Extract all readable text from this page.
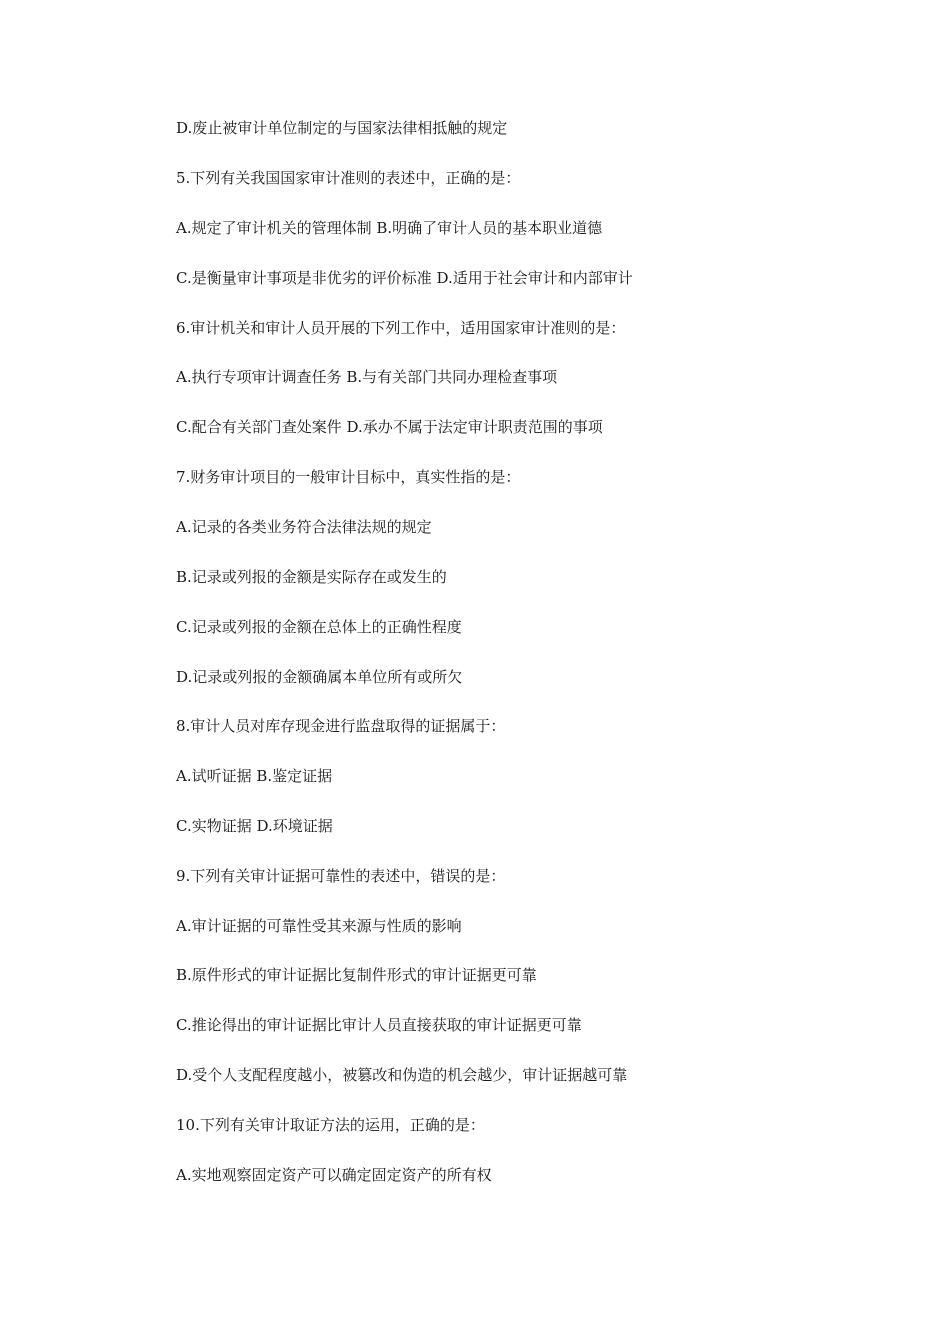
D.废止被审计单位制定的与国家法律相抵触的规定

5.下列有关我国国家审计准则的表述中，正确的是：

A.规定了审计机关的管理体制 B.明确了审计人员的基本职业道德

C.是衡量审计事项是非优劣的评价标准 D.适用于社会审计和内部审计

6.审计机关和审计人员开展的下列工作中，适用国家审计准则的是：

A.执行专项审计调查任务 B.与有关部门共同办理检查事项

C.配合有关部门查处案件 D.承办不属于法定审计职责范围的事项

7.财务审计项目的一般审计目标中，真实性指的是：

A.记录的各类业务符合法律法规的规定

B.记录或列报的金额是实际存在或发生的

C.记录或列报的金额在总体上的正确性程度

D.记录或列报的金额确属本单位所有或所欠

8.审计人员对库存现金进行监盘取得的证据属于：

A.试听证据 B.鉴定证据

C.实物证据 D.环境证据

9.下列有关审计证据可靠性的表述中，错误的是：

A.审计证据的可靠性受其来源与性质的影响

B.原件形式的审计证据比复制件形式的审计证据更可靠

C.推论得出的审计证据比审计人员直接获取的审计证据更可靠

D.受个人支配程度越小，被篡改和伪造的机会越少，审计证据越可靠

10.下列有关审计取证方法的运用，正确的是：

A.实地观察固定资产可以确定固定资产的所有权
